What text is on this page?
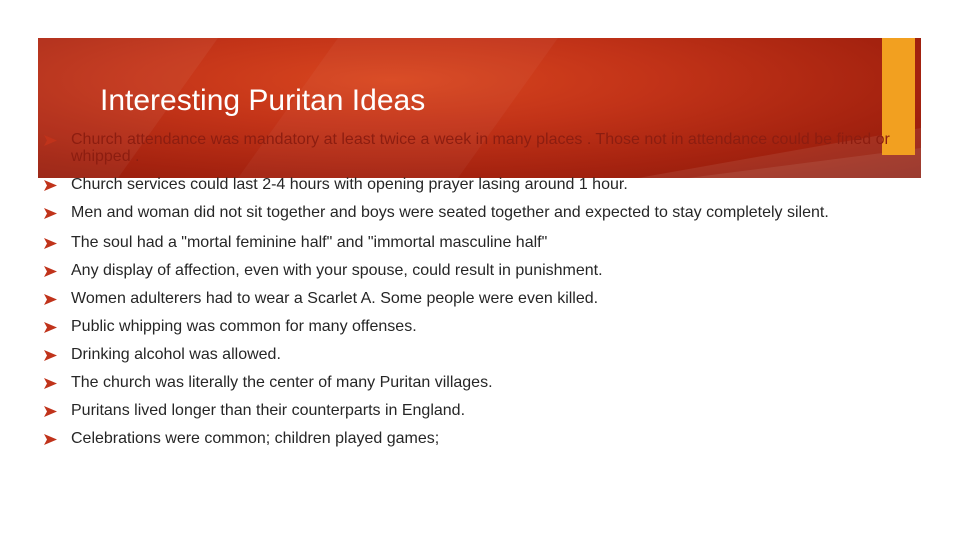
Interesting Puritan Ideas
Church attendance was mandatory at least twice a week in many places . Those not in attendance could be fined or whipped .
Church services could last 2-4 hours with opening prayer lasing around 1 hour.
Men and woman did not sit together and boys were seated together and expected to stay completely silent.
The soul had a "mortal feminine half" and "immortal masculine half"
Any display of affection, even with your spouse, could result in punishment.
Women adulterers had to wear a Scarlet A. Some people were even killed.
Public whipping was common for many offenses.
Drinking alcohol was allowed.
The church was literally the center of many Puritan villages.
Puritans lived longer than their counterparts in England.
Celebrations were common; children played games;
